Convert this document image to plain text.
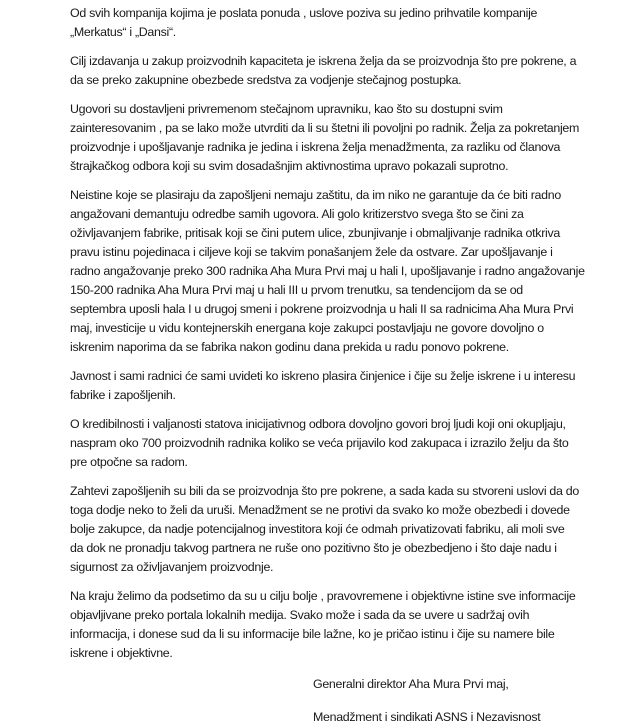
Od svih kompanija kojima je poslata ponuda , uslove poziva su jedino prihvatile kompanije
„Merkatus“ i „Dansi“.
Cilj izdavanja u zakup proizvodnih kapaciteta je iskrena želja da se proizvodnja što pre pokrene, a
da se preko zakupnine obezbede sredstva za vodjenje stečajnog postupka.
Ugovori su dostavljeni privremenom stečajnom upravniku, kao što su dostupni svim
zainteresovanim , pa se lako može utvrditi da li su štetni ili povoljni po radnik. Želja za pokretanjem
proizvodnje i upošljavanje radnika je jedina i iskrena želja menadžmenta, za razliku od članova
štrajkačkog odbora koji su svim dosadašnjim aktivnostima upravo pokazali suprotno.
Neistine koje se plasiraju da zapošljeni nemaju zaštitu, da im niko ne garantuje da će biti radno
angažovani demantuju odredbe samih ugovora. Ali golo kritizerstvo svega što se čini za
oživljavanjem fabrike, pritisak koji se čini putem ulice, zbunjivanje i obmaljivanje radnika otkriva
pravu istinu pojedinaca i ciljeve koji se takvim ponašanjem žele da ostvare. Zar upošljavanje i
radno angažovanje preko 300 radnika Aha Mura Prvi maj u hali I, upošljavanje i radno angažovanje
150-200 radnika Aha Mura Prvi maj u hali III u prvom trenutku, sa tendencijom da se od
septembra uposli hala I u drugoj smeni i pokrene proizvodnja u hali II sa radnicima Aha Mura Prvi
maj, investicije u vidu kontejnerskih energana koje zakupci postavljaju ne govore dovoljno o
iskrenim naporima da se fabrika nakon godinu dana prekida u radu ponovo pokrene.
Javnost i sami radnici će sami uvideti ko iskreno plasira činjenice i čije su želje iskrene i u interesu
fabrike i zapošljenih.
O kredibilnosti i valjanosti statova inicijativnog odbora dovoljno govori broj ljudi koji oni okupljaju,
naspram oko 700 proizvodnih radnika koliko se veća prijavilo kod zakupaca i izrazilo želju da što
pre otpočne sa radom.
Zahtevi zapošljenih su bili da se proizvodnja što pre pokrene, a sada kada su stvoreni uslovi da do
toga dodje neko to želi da uruši. Menadžment se ne protivi da svako ko može obezbedi i dovede
bolje zakupce, da nadje potencijalnog investitora koji će odmah privatizovati fabriku, ali moli sve
da dok ne pronadju takvog partnera ne ruše ono pozitivno što je obezbedjeno i što daje nadu i
sigurnost za oživljavanjem proizvodnje.
Na kraju želimo da podsetimo da su u cilju bolje , pravovremene i objektivne istine sve informacije
objavljivane preko portala lokalnih medija. Svako može i sada da se uvere u sadržaj ovih
informacija, i donese sud da li su informacije bile lažne, ko je pričao istinu i čije su namere bile
iskrene i objektivne.
Generalni direktor Aha Mura Prvi maj,
Menadžment i sindikati ASNS i Nezavisnost
